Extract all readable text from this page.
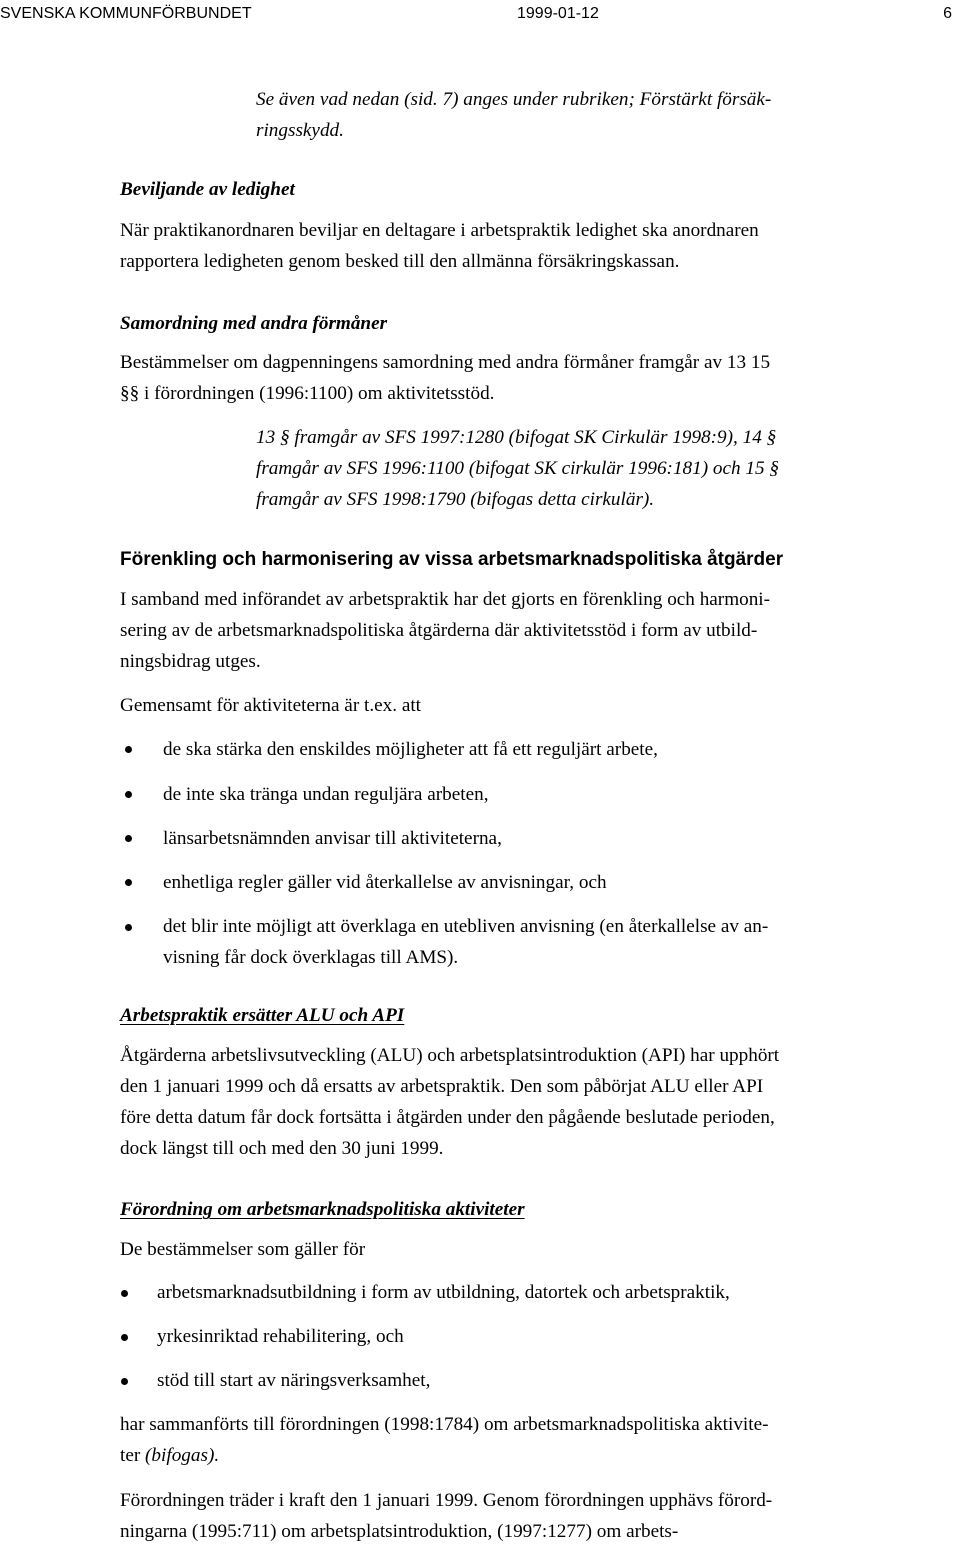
SVENSKA KOMMUNFÖRBUNDET	1999-01-12	6
Se även vad nedan (sid. 7) anges under rubriken; Förstärkt försäk-
ringsskydd.
Beviljande av ledighet
När praktikanordnaren beviljar en deltagare i arbetspraktik ledighet ska anordnaren
rapportera ledigheten genom besked till den allmänna försäkringskassan.
Samordning med andra förmåner
Bestämmelser om dagpenningens samordning med andra förmåner framgår av 13 15
§§ i förordningen (1996:1100) om aktivitetsstöd.
13 § framgår av SFS 1997:1280 (bifogat SK Cirkulär 1998:9), 14 §
framgår av SFS 1996:1100 (bifogat SK cirkulär 1996:181) och 15 §
framgår av SFS 1998:1790 (bifogas detta cirkulär).
Förenkling och harmonisering av vissa arbetsmarknadspolitiska åtgärder
I samband med införandet av arbetspraktik har det gjorts en förenkling och harmoni-
sering av de arbetsmarknadspolitiska åtgärderna där aktivitetsstöd i form av utbild-
ningsbidrag utges.
Gemensamt för aktiviteterna är t.ex. att
de ska stärka den enskildes möjligheter att få ett reguljärt arbete,
de inte ska tränga undan reguljära arbeten,
länsarbetsnämnden anvisar till aktiviteterna,
enhetliga regler gäller vid återkallelse av anvisningar, och
det blir inte möjligt att överklaga en utebliven anvisning (en återkallelse av an-
visning får dock överklagas till AMS).
Arbetspraktik ersätter ALU och API
Åtgärderna arbetslivsutveckling (ALU) och arbetsplatsintroduktion (API) har upphört
den 1 januari 1999 och då ersatts av arbetspraktik. Den som påbörjat ALU eller API
före detta datum får dock fortsätta i åtgärden under den pågående beslutade perioden,
dock längst till och med den 30 juni 1999.
Förordning om arbetsmarknadspolitiska aktiviteter
De bestämmelser som gäller för
arbetsmarknadsutbildning i form av utbildning, datortek och arbetspraktik,
yrkesinriktad rehabilitering, och
stöd till start av näringsverksamhet,
har sammanförts till förordningen (1998:1784) om arbetsmarknadspolitiska aktivite-
ter (bifogas).
Förordningen träder i kraft den 1 januari 1999. Genom förordningen upphävs förord-
ningarna (1995:711) om arbetsplatsintroduktion, (1997:1277) om arbets-
